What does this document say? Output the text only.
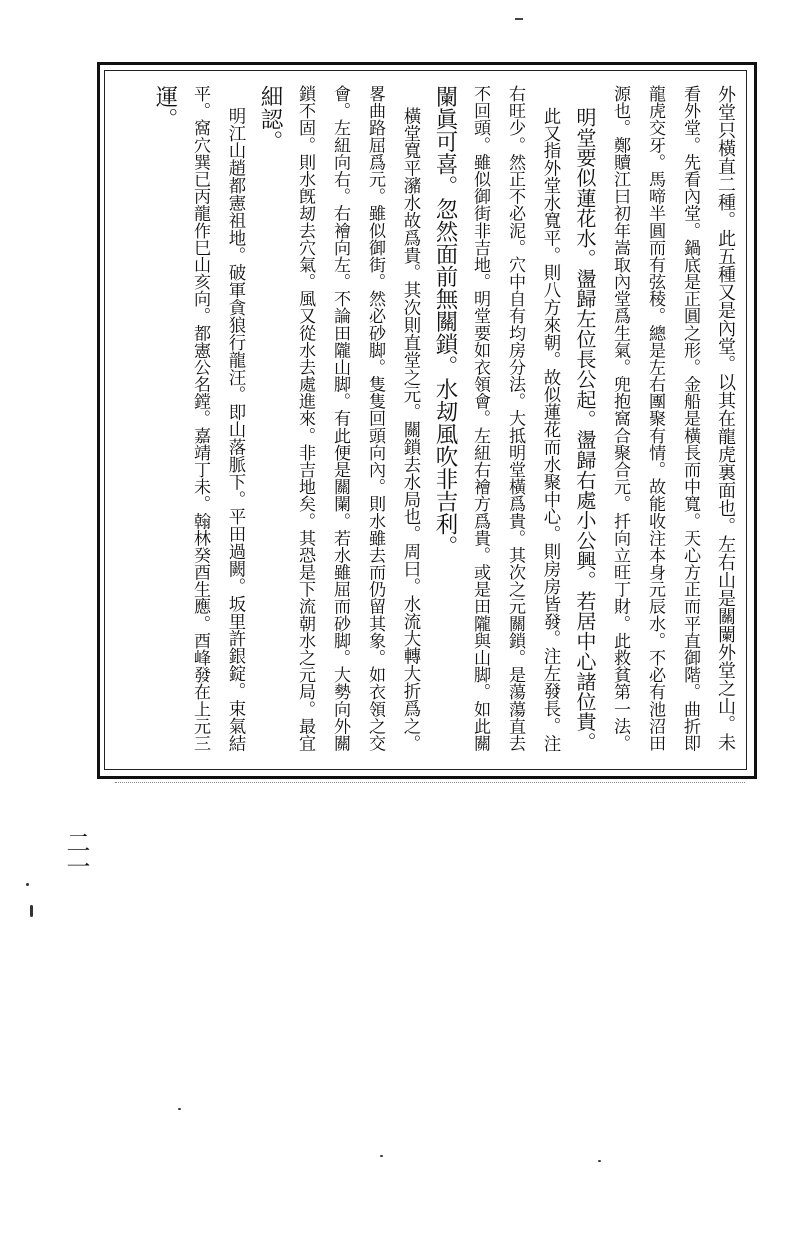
外堂只橫直二種。此五種又是內堂。以其在龍虎裏面也。左右山是關闌外堂之山。未
看外堂。先看內堂。鍋底是正圓之形。金船是橫長而中寬。天心方正而平直御階。曲折即
龍虎交牙。馬啼半圓而有弦稜。總是左右團聚有情。故能收注本身元辰水。不必有池沼田
源也。鄭贖江曰初年嵩取內堂爲生氣。兜抱窩合聚合元。扦向立旺丁財。此救貧第一法。
明堂要似蓮花水。盪歸左位長公起。盪歸右處小公興。若居中心諸位貴。
此又指外堂水寬平。則八方來朝。故似蓮花而水聚中心。則房房皆發。注左發長。注
右旺少。然正不必泥。穴中自有均房分法。大抵明堂橫爲貴。其次之元關鎖。是蕩蕩直去
不回頭。雖似御街非吉地。明堂要如衣領會。左紐右襘方爲貴。或是田隴與山脚。如此關
闌眞可喜。忽然面前無關鎖。水刼風吹非吉利。
橫堂寬平瀦水故爲貴。其次則直堂之元。關鎖去水局也。周曰。水流大轉大折爲之。
畧曲路屈爲元。雖似御街。然必砂脚。隻隻回頭向內。則水雖去而仍留其象。如衣領之交
會。左紐向右。右襘向左。不論田隴山脚。有此便是關闌。若水雖屈而砂脚。大勢向外關
鎖不固。則水旣刼去穴氣。風又從水去處進來。非吉地矣。其恐是下流朝水之元局。最宜
細認。
明江山趙都憲祖地。破軍貪狼行龍汪。即山落脈下。平田過闕。坂里許銀錠。束氣結
平。窩穴巽已丙龍作巳山亥向。都憲公名鏜。嘉靖丁未。翰林癸酉生應。酉峰發在上元三
運。
二一
